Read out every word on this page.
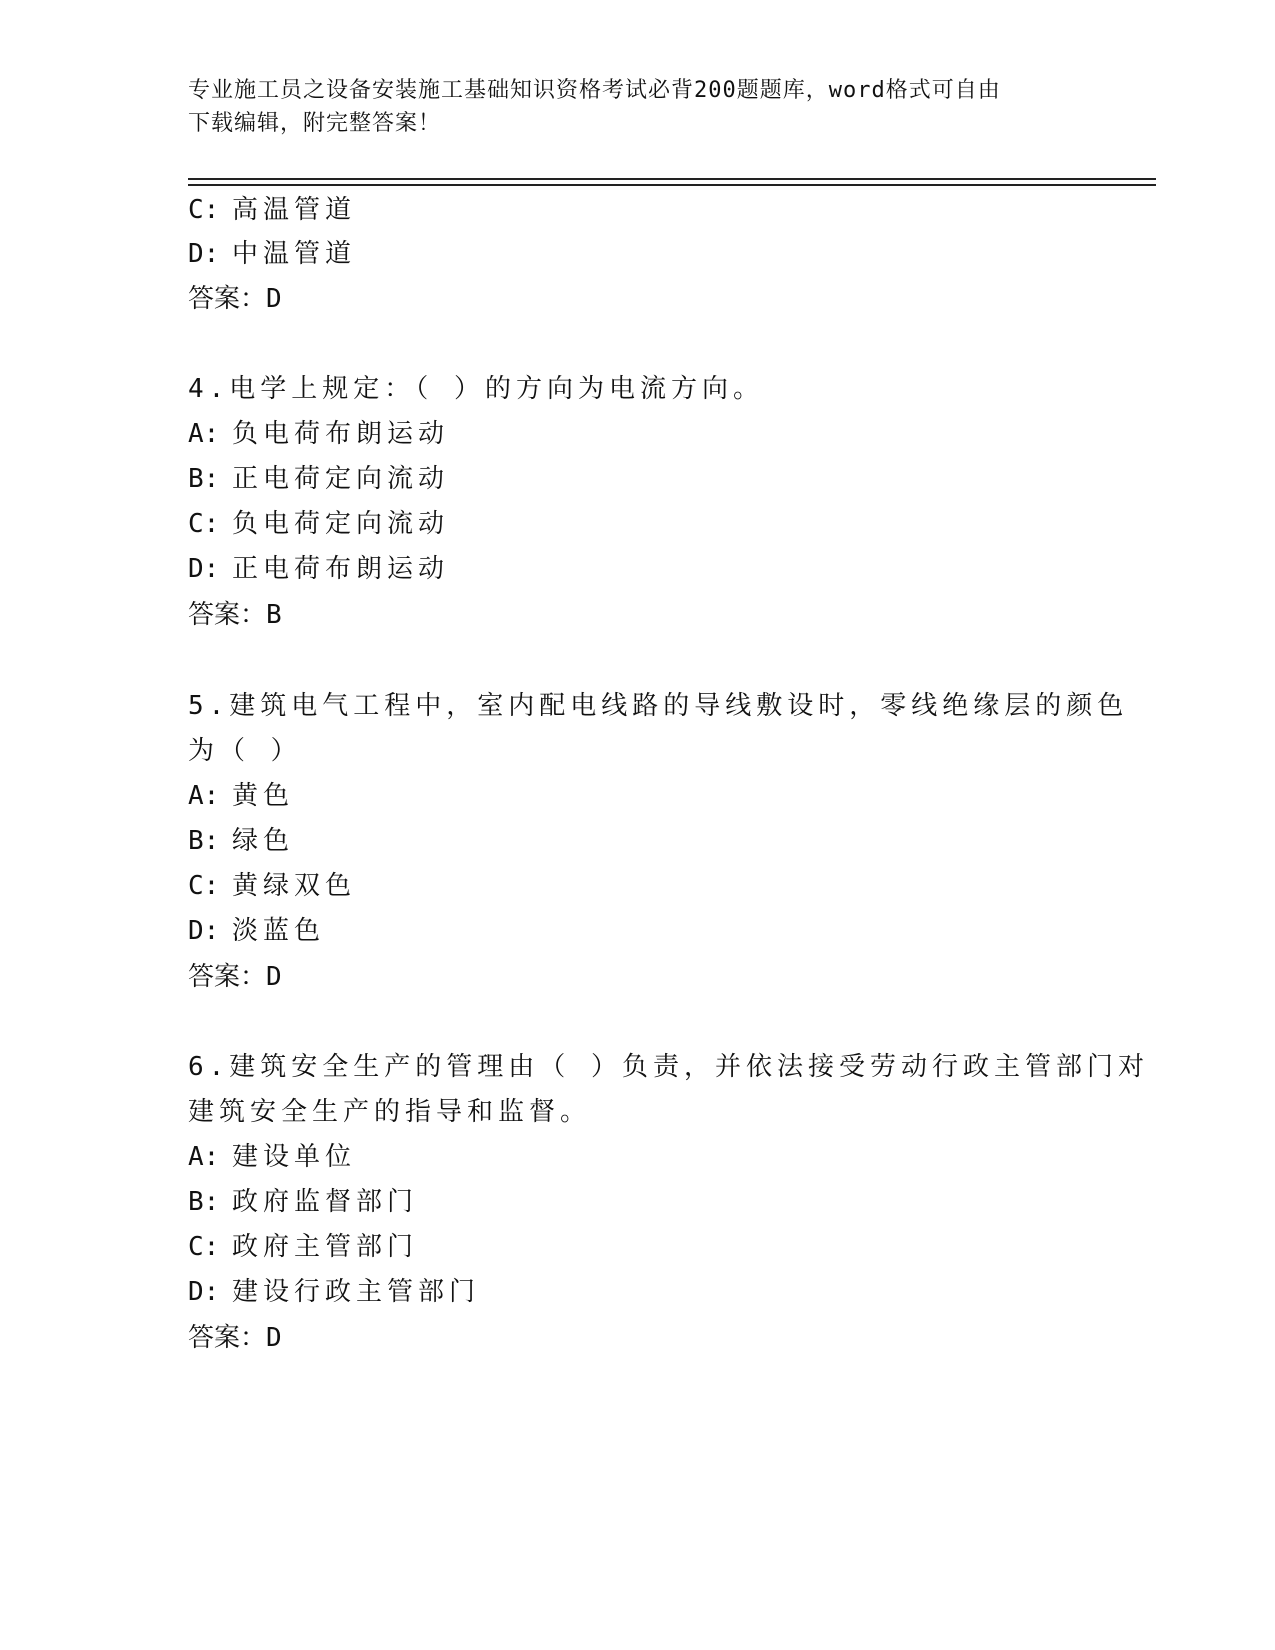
专业施工员之设备安装施工基础知识资格考试必背200题题库，word格式可自由
下载编辑，附完整答案！
C: 高温管道
D: 中温管道
答案：D
4.电学上规定：（ ）的方向为电流方向。
A: 负电荷布朗运动
B: 正电荷定向流动
C: 负电荷定向流动
D: 正电荷布朗运动
答案：B
5.建筑电气工程中，室内配电线路的导线敷设时，零线绝缘层的颜色
为（ ）
A: 黄色
B: 绿色
C: 黄绿双色
D: 淡蓝色
答案：D
6.建筑安全生产的管理由（ ）负责，并依法接受劳动行政主管部门对
建筑安全生产的指导和监督。
A: 建设单位
B: 政府监督部门
C: 政府主管部门
D: 建设行政主管部门
答案：D
